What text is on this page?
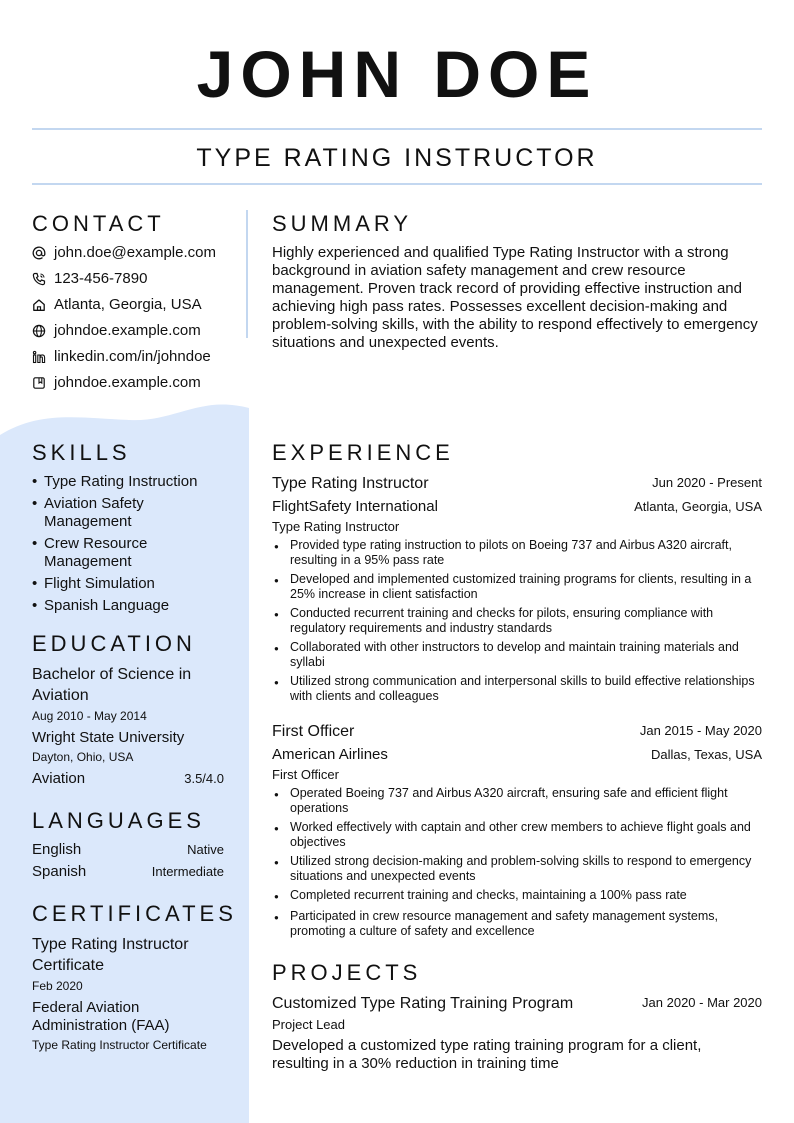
JOHN DOE
TYPE RATING INSTRUCTOR
CONTACT
john.doe@example.com
123-456-7890
Atlanta, Georgia, USA
johndoe.example.com
linkedin.com/in/johndoe
johndoe.example.com
SUMMARY
Highly experienced and qualified Type Rating Instructor with a strong background in aviation safety management and crew resource management. Proven track record of providing effective instruction and achieving high pass rates. Possesses excellent decision-making and problem-solving skills, with the ability to respond effectively to emergency situations and unexpected events.
SKILLS
• Type Rating Instruction
• Aviation Safety Management
• Crew Resource Management
• Flight Simulation
• Spanish Language
EDUCATION
Bachelor of Science in Aviation
Aug 2010 - May 2014
Wright State University
Dayton, Ohio, USA
Aviation	3.5/4.0
LANGUAGES
English	Native
Spanish	Intermediate
CERTIFICATES
Type Rating Instructor Certificate
Feb 2020
Federal Aviation Administration (FAA)
Type Rating Instructor Certificate
EXPERIENCE
Type Rating Instructor	Jun 2020 - Present
FlightSafety International	Atlanta, Georgia, USA
Type Rating Instructor
● Provided type rating instruction to pilots on Boeing 737 and Airbus A320 aircraft, resulting in a 95% pass rate
● Developed and implemented customized training programs for clients, resulting in a 25% increase in client satisfaction
● Conducted recurrent training and checks for pilots, ensuring compliance with regulatory requirements and industry standards
● Collaborated with other instructors to develop and maintain training materials and syllabi
● Utilized strong communication and interpersonal skills to build effective relationships with clients and colleagues
First Officer	Jan 2015 - May 2020
American Airlines	Dallas, Texas, USA
First Officer
● Operated Boeing 737 and Airbus A320 aircraft, ensuring safe and efficient flight operations
● Worked effectively with captain and other crew members to achieve flight goals and objectives
● Utilized strong decision-making and problem-solving skills to respond to emergency situations and unexpected events
● Completed recurrent training and checks, maintaining a 100% pass rate
● Participated in crew resource management and safety management systems, promoting a culture of safety and excellence
PROJECTS
Customized Type Rating Training Program	Jan 2020 - Mar 2020
Project Lead
Developed a customized type rating training program for a client, resulting in a 30% reduction in training time
